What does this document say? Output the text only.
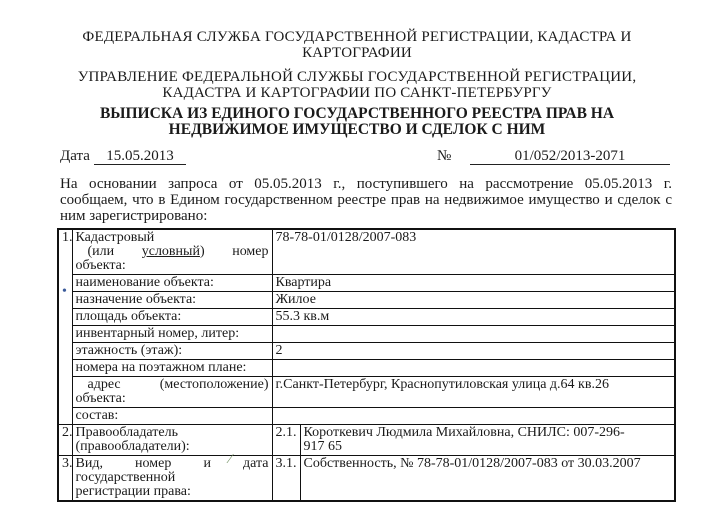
ФЕДЕРАЛЬНАЯ СЛУЖБА ГОСУДАРСТВЕННОЙ РЕГИСТРАЦИИ, КАДАСТРА И
КАРТОГРАФИИ
УПРАВЛЕНИЕ ФЕДЕРАЛЬНОЙ СЛУЖБЫ ГОСУДАРСТВЕННОЙ РЕГИСТРАЦИИ,
КАДАСТРА И КАРТОГРАФИИ ПО САНКТ-ПЕТЕРБУРГУ
ВЫПИСКА ИЗ ЕДИНОГО ГОСУДАРСТВЕННОГО РЕЕСТРА ПРАВ НА
НЕДВИЖИМОЕ ИМУЩЕСТВО И СДЕЛОК С НИМ
Дата	15.05.2013	№	01/052/2013-2071
На основании запроса от 05.05.2013 г., поступившего на рассмотрение 05.05.2013 г.
сообщаем, что в Едином государственном реестре прав на недвижимое имущество и сделок с
ним зарегистрировано:
1.	Кадастровый

(или условный) номер
объекта:	78-78-01/0128/2007-083	
	наименование объекта:	Квартира	
	назначение объекта:	Жилое	
	площадь объекта:	55.3 кв.м	
	инвентарный номер, литер:		
	этажность (этаж):	2	
	номера на поэтажном плане:		

	адрес (местоположение)
объекта:	г.Санкт-Петербург, Краснопутиловская улица д.64 кв.26	
	состав:		
2.	Правообладатель
(правообладатели):	2.1.	Короткевич Людмила Михайловна, СНИЛС: 007-296-
917 65
3.	Вид, номер и дата
государственной
регистрации права:	3.1.	Собственность, № 78-78-01/0128/2007-083 от 30.03.2007
•
⁄
